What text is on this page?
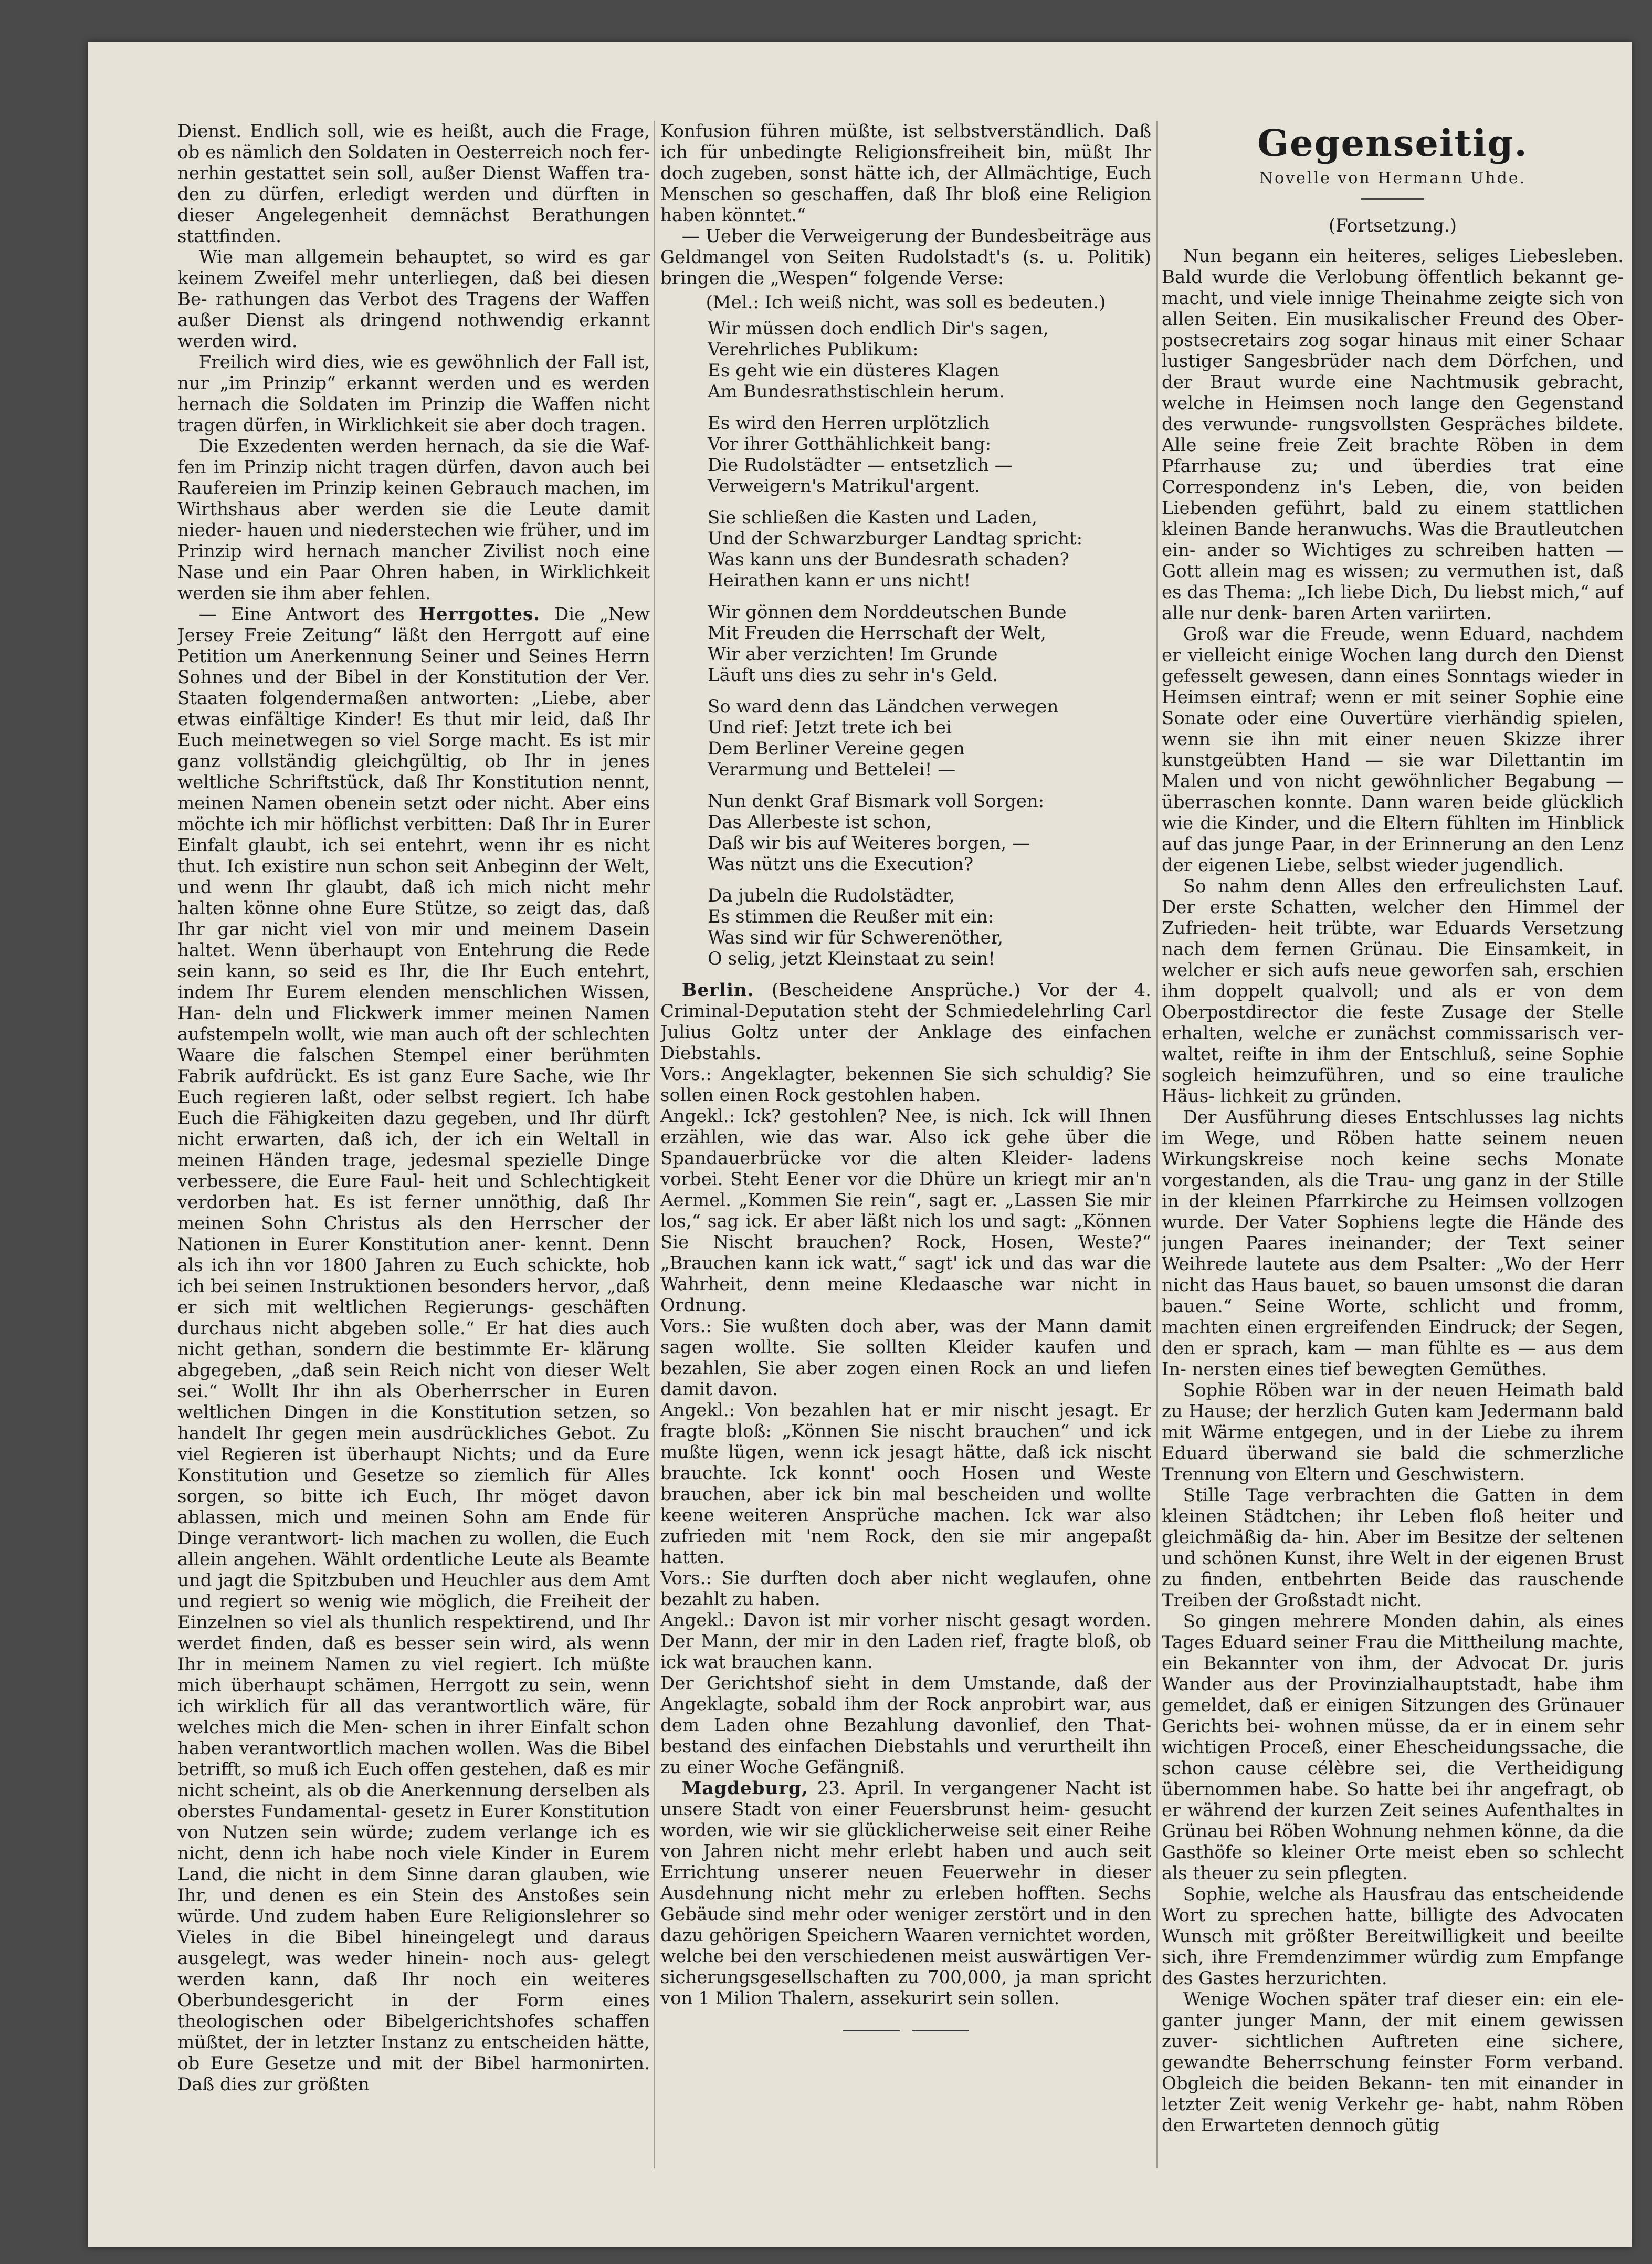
Dienst. Endlich soll, wie es heißt, auch die Frage, ob es nämlich den Soldaten in Oesterreich noch fer- nerhin gestattet sein soll, außer Dienst Waffen tra- den zu dürfen, erledigt werden und dürften in dieser Angelegenheit demnächst Berathungen stattfinden.

Wie man allgemein behauptet, so wird es gar keinem Zweifel mehr unterliegen, daß bei diesen Be- rathungen das Verbot des Tragens der Waffen außer Dienst als dringend nothwendig erkannt werden wird.

Freilich wird dies, wie es gewöhnlich der Fall ist, nur „im Prinzip“ erkannt werden und es werden hernach die Soldaten im Prinzip die Waffen nicht tragen dürfen, in Wirklichkeit sie aber doch tragen.

Die Exzedenten werden hernach, da sie die Waf- fen im Prinzip nicht tragen dürfen, davon auch bei Raufereien im Prinzip keinen Gebrauch machen, im Wirthshaus aber werden sie die Leute damit nieder- hauen und niederstechen wie früher, und im Prinzip wird hernach mancher Zivilist noch eine Nase und ein Paar Ohren haben, in Wirklichkeit werden sie ihm aber fehlen.

— Eine Antwort des Herrgottes. Die „New Jersey Freie Zeitung“ läßt den Herrgott auf eine Petition um Anerkennung Seiner und Seines Herrn Sohnes und der Bibel in der Konstitution der Ver. Staaten folgendermaßen antworten: „Liebe, aber etwas einfältige Kinder! Es thut mir leid, daß Ihr Euch meinetwegen so viel Sorge macht. Es ist mir ganz vollständig gleichgültig, ob Ihr in jenes weltliche Schriftstück, daß Ihr Konstitution nennt, meinen Namen obenein setzt oder nicht. Aber eins möchte ich mir höflichst verbitten: Daß Ihr in Eurer Einfalt glaubt, ich sei entehrt, wenn ihr es nicht thut. Ich existire nun schon seit Anbeginn der Welt, und wenn Ihr glaubt, daß ich mich nicht mehr halten könne ohne Eure Stütze, so zeigt das, daß Ihr gar nicht viel von mir und meinem Dasein haltet. Wenn überhaupt von Entehrung die Rede sein kann, so seid es Ihr, die Ihr Euch entehrt, indem Ihr Eurem elenden menschlichen Wissen, Han- deln und Flickwerk immer meinen Namen aufstempeln wollt, wie man auch oft der schlechten Waare die falschen Stempel einer berühmten Fabrik aufdrückt. Es ist ganz Eure Sache, wie Ihr Euch regieren laßt, oder selbst regiert. Ich habe Euch die Fähigkeiten dazu gegeben, und Ihr dürft nicht erwarten, daß ich, der ich ein Weltall in meinen Händen trage, jedesmal spezielle Dinge verbessere, die Eure Faul- heit und Schlechtigkeit verdorben hat. Es ist ferner unnöthig, daß Ihr meinen Sohn Christus als den Herrscher der Nationen in Eurer Konstitution aner- kennt. Denn als ich ihn vor 1800 Jahren zu Euch schickte, hob ich bei seinen Instruktionen besonders hervor, „daß er sich mit weltlichen Regierungs- geschäften durchaus nicht abgeben solle.“ Er hat dies auch nicht gethan, sondern die bestimmte Er- klärung abgegeben, „daß sein Reich nicht von dieser Welt sei.“ Wollt Ihr ihn als Oberherrscher in Euren weltlichen Dingen in die Konstitution setzen, so handelt Ihr gegen mein ausdrückliches Gebot. Zu viel Regieren ist überhaupt Nichts; und da Eure Konstitution und Gesetze so ziemlich für Alles sorgen, so bitte ich Euch, Ihr möget davon ablassen, mich und meinen Sohn am Ende für Dinge verantwort- lich machen zu wollen, die Euch allein angehen. Wählt ordentliche Leute als Beamte und jagt die Spitzbuben und Heuchler aus dem Amt und regiert so wenig wie möglich, die Freiheit der Einzelnen so viel als thunlich respektirend, und Ihr werdet finden, daß es besser sein wird, als wenn Ihr in meinem Namen zu viel regiert. Ich müßte mich überhaupt schämen, Herrgott zu sein, wenn ich wirklich für all das verantwortlich wäre, für welches mich die Men- schen in ihrer Einfalt schon haben verantwortlich machen wollen. Was die Bibel betrifft, so muß ich Euch offen gestehen, daß es mir nicht scheint, als ob die Anerkennung derselben als oberstes Fundamental- gesetz in Eurer Konstitution von Nutzen sein würde; zudem verlange ich es nicht, denn ich habe noch viele Kinder in Eurem Land, die nicht in dem Sinne daran glauben, wie Ihr, und denen es ein Stein des Anstoßes sein würde. Und zudem haben Eure Religionslehrer so Vieles in die Bibel hineingelegt und daraus ausgelegt, was weder hinein- noch aus- gelegt werden kann, daß Ihr noch ein weiteres Oberbundesgericht in der Form eines theologischen oder Bibelgerichtshofes schaffen müßtet, der in letzter Instanz zu entscheiden hätte, ob Eure Gesetze und mit der Bibel harmonirten. Daß dies zur größten

Konfusion führen müßte, ist selbstverständlich. Daß ich für unbedingte Religionsfreiheit bin, müßt Ihr doch zugeben, sonst hätte ich, der Allmächtige, Euch Menschen so geschaffen, daß Ihr bloß eine Religion haben könntet.“

— Ueber die Verweigerung der Bundesbeiträge aus Geldmangel von Seiten Rudolstadt's (s. u. Politik) bringen die „Wespen“ folgende Verse:

(Mel.: Ich weiß nicht, was soll es bedeuten.)
Wir müssen doch endlich Dir's sagen,
Verehrliches Publikum:
Es geht wie ein düsteres Klagen
Am Bundesrathstischlein herum.
Es wird den Herren urplötzlich
Vor ihrer Gotthählichkeit bang:
Die Rudolstädter — entsetzlich —
Verweigern's Matrikul'argent.
Sie schließen die Kasten und Laden,
Und der Schwarzburger Landtag spricht:
Was kann uns der Bundesrath schaden?
Heirathen kann er uns nicht!
Wir gönnen dem Norddeutschen Bunde
Mit Freuden die Herrschaft der Welt,
Wir aber verzichten! Im Grunde
Läuft uns dies zu sehr in's Geld.
So ward denn das Ländchen verwegen
Und rief: Jetzt trete ich bei
Dem Berliner Vereine gegen
Verarmung und Bettelei! —
Nun denkt Graf Bismark voll Sorgen:
Das Allerbeste ist schon,
Daß wir bis auf Weiteres borgen, —
Was nützt uns die Execution?
Da jubeln die Rudolstädter,
Es stimmen die Reußer mit ein:
Was sind wir für Schwerenöther,
O selig, jetzt Kleinstaat zu sein!

Berlin. (Bescheidene Ansprüche.) Vor der 4. Criminal-Deputation steht der Schmiedelehrling Carl Julius Goltz unter der Anklage des einfachen Diebstahls.

Vors.: Angeklagter, bekennen Sie sich schuldig? Sie sollen einen Rock gestohlen haben.

Angekl.: Ick? gestohlen? Nee, is nich. Ick will Ihnen erzählen, wie das war. Also ick gehe über die Spandauerbrücke vor die alten Kleider- ladens vorbei. Steht Eener vor die Dhüre un kriegt mir an'n Aermel. „Kommen Sie rein“, sagt er. „Lassen Sie mir los,“ sag ick. Er aber läßt nich los und sagt: „Können Sie Nischt brauchen? Rock, Hosen, Weste?“ „Brauchen kann ick watt,“ sagt' ick und das war die Wahrheit, denn meine Kledaasche war nicht in Ordnung.

Vors.: Sie wußten doch aber, was der Mann damit sagen wollte. Sie sollten Kleider kaufen und bezahlen, Sie aber zogen einen Rock an und liefen damit davon.

Angekl.: Von bezahlen hat er mir nischt jesagt. Er fragte bloß: „Können Sie nischt brauchen“ und ick mußte lügen, wenn ick jesagt hätte, daß ick nischt brauchte. Ick konnt' ooch Hosen und Weste brauchen, aber ick bin mal bescheiden und wollte keene weiteren Ansprüche machen. Ick war also zufrieden mit 'nem Rock, den sie mir angepaßt hatten.

Vors.: Sie durften doch aber nicht weglaufen, ohne bezahlt zu haben.

Angekl.: Davon ist mir vorher nischt gesagt worden. Der Mann, der mir in den Laden rief, fragte bloß, ob ick wat brauchen kann.

Der Gerichtshof sieht in dem Umstande, daß der Angeklagte, sobald ihm der Rock anprobirt war, aus dem Laden ohne Bezahlung davonlief, den That- bestand des einfachen Diebstahls und verurtheilt ihn zu einer Woche Gefängniß.

Magdeburg, 23. April. In vergangener Nacht ist unsere Stadt von einer Feuersbrunst heim- gesucht worden, wie wir sie glücklicherweise seit einer Reihe von Jahren nicht mehr erlebt haben und auch seit Errichtung unserer neuen Feuerwehr in dieser Ausdehnung nicht mehr zu erleben hofften. Sechs Gebäude sind mehr oder weniger zerstört und in den dazu gehörigen Speichern Waaren vernichtet worden, welche bei den verschiedenen meist auswärtigen Ver- sicherungsgesellschaften zu 700,000, ja man spricht von 1 Milion Thalern, assekurirt sein sollen.

Gegenseitig.
Novelle von Hermann Uhde.
(Fortsetzung.)

Nun begann ein heiteres, seliges Liebesleben. Bald wurde die Verlobung öffentlich bekannt ge- macht, und viele innige Theinahme zeigte sich von allen Seiten. Ein musikalischer Freund des Ober- postsecretairs zog sogar hinaus mit einer Schaar lustiger Sangesbrüder nach dem Dörfchen, und der Braut wurde eine Nachtmusik gebracht, welche in Heimsen noch lange den Gegenstand des verwunde- rungsvollsten Gespräches bildete. Alle seine freie Zeit brachte Röben in dem Pfarrhause zu; und überdies trat eine Correspondenz in's Leben, die, von beiden Liebenden geführt, bald zu einem stattlichen kleinen Bande heranwuchs. Was die Brautleutchen ein- ander so Wichtiges zu schreiben hatten — Gott allein mag es wissen; zu vermuthen ist, daß es das Thema: „Ich liebe Dich, Du liebst mich,“ auf alle nur denk- baren Arten variirten.

Groß war die Freude, wenn Eduard, nachdem er vielleicht einige Wochen lang durch den Dienst gefesselt gewesen, dann eines Sonntags wieder in Heimsen eintraf; wenn er mit seiner Sophie eine Sonate oder eine Ouvertüre vierhändig spielen, wenn sie ihn mit einer neuen Skizze ihrer kunstgeübten Hand — sie war Dilettantin im Malen und von nicht gewöhnlicher Begabung — überraschen konnte. Dann waren beide glücklich wie die Kinder, und die Eltern fühlten im Hinblick auf das junge Paar, in der Erinnerung an den Lenz der eigenen Liebe, selbst wieder jugendlich.

So nahm denn Alles den erfreulichsten Lauf. Der erste Schatten, welcher den Himmel der Zufrieden- heit trübte, war Eduards Versetzung nach dem fernen Grünau. Die Einsamkeit, in welcher er sich aufs neue geworfen sah, erschien ihm doppelt qualvoll; und als er von dem Oberpostdirector die feste Zusage der Stelle erhalten, welche er zunächst commissarisch ver- waltet, reifte in ihm der Entschluß, seine Sophie sogleich heimzuführen, und so eine trauliche Häus- lichkeit zu gründen.

Der Ausführung dieses Entschlusses lag nichts im Wege, und Röben hatte seinem neuen Wirkungskreise noch keine sechs Monate vorgestanden, als die Trau- ung ganz in der Stille in der kleinen Pfarrkirche zu Heimsen vollzogen wurde. Der Vater Sophiens legte die Hände des jungen Paares ineinander; der Text seiner Weihrede lautete aus dem Psalter: „Wo der Herr nicht das Haus bauet, so bauen umsonst die daran bauen.“ Seine Worte, schlicht und fromm, machten einen ergreifenden Eindruck; der Segen, den er sprach, kam — man fühlte es — aus dem In- nersten eines tief bewegten Gemüthes.

Sophie Röben war in der neuen Heimath bald zu Hause; der herzlich Guten kam Jedermann bald mit Wärme entgegen, und in der Liebe zu ihrem Eduard überwand sie bald die schmerzliche Trennung von Eltern und Geschwistern.

Stille Tage verbrachten die Gatten in dem kleinen Städtchen; ihr Leben floß heiter und gleichmäßig da- hin. Aber im Besitze der seltenen und schönen Kunst, ihre Welt in der eigenen Brust zu finden, entbehrten Beide das rauschende Treiben der Großstadt nicht.

So gingen mehrere Monden dahin, als eines Tages Eduard seiner Frau die Mittheilung machte, ein Bekannter von ihm, der Advocat Dr. juris Wander aus der Provinzialhauptstadt, habe ihm gemeldet, daß er einigen Sitzungen des Grünauer Gerichts bei- wohnen müsse, da er in einem sehr wichtigen Proceß, einer Ehescheidungssache, die schon cause célèbre sei, die Vertheidigung übernommen habe. So hatte bei ihr angefragt, ob er während der kurzen Zeit seines Aufenthaltes in Grünau bei Röben Wohnung nehmen könne, da die Gasthöfe so kleiner Orte meist eben so schlecht als theuer zu sein pflegten.

Sophie, welche als Hausfrau das entscheidende Wort zu sprechen hatte, billigte des Advocaten Wunsch mit größter Bereitwilligkeit und beeilte sich, ihre Fremdenzimmer würdig zum Empfange des Gastes herzurichten.

Wenige Wochen später traf dieser ein: ein ele- ganter junger Mann, der mit einem gewissen zuver- sichtlichen Auftreten eine sichere, gewandte Beherrschung feinster Form verband. Obgleich die beiden Bekann- ten mit einander in letzter Zeit wenig Verkehr ge- habt, nahm Röben den Erwarteten dennoch gütig
